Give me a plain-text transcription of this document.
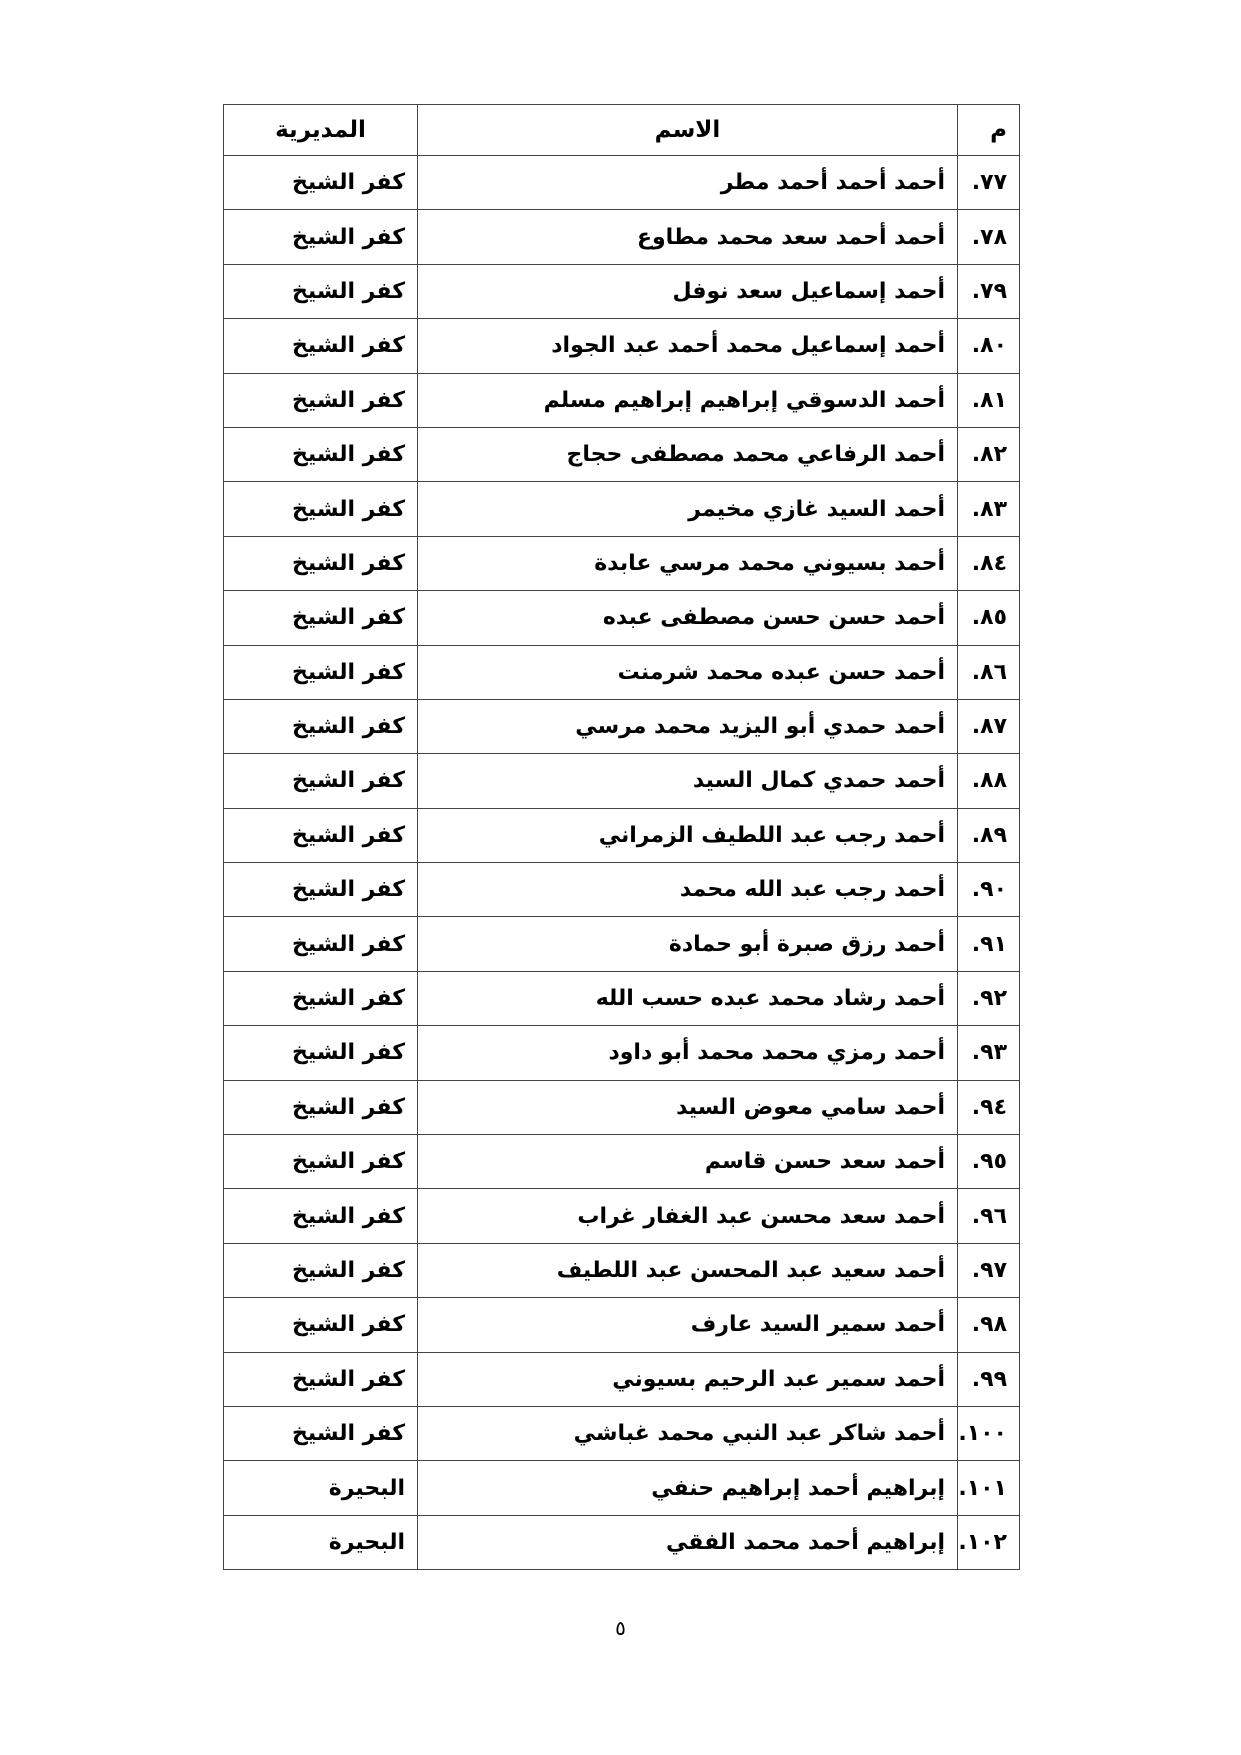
م	الاسم	المديرية
٧٧.	أحمد أحمد أحمد مطر	كفر الشيخ
٧٨.	أحمد أحمد سعد محمد مطاوع	كفر الشيخ
٧٩.	أحمد إسماعيل سعد نوفل	كفر الشيخ
٨٠.	أحمد إسماعيل محمد أحمد عبد الجواد	كفر الشيخ
٨١.	أحمد الدسوقي إبراهيم إبراهيم مسلم	كفر الشيخ
٨٢.	أحمد الرفاعي محمد مصطفى حجاج	كفر الشيخ
٨٣.	أحمد السيد غازي مخيمر	كفر الشيخ
٨٤.	أحمد بسيوني محمد مرسي عابدة	كفر الشيخ
٨٥.	أحمد حسن حسن مصطفى عبده	كفر الشيخ
٨٦.	أحمد حسن عبده محمد شرمنت	كفر الشيخ
٨٧.	أحمد حمدي أبو اليزيد محمد مرسي	كفر الشيخ
٨٨.	أحمد حمدي كمال السيد	كفر الشيخ
٨٩.	أحمد رجب عبد اللطيف الزمراني	كفر الشيخ
٩٠.	أحمد رجب عبد الله محمد	كفر الشيخ
٩١.	أحمد رزق صبرة أبو حمادة	كفر الشيخ
٩٢.	أحمد رشاد محمد عبده حسب الله	كفر الشيخ
٩٣.	أحمد رمزي محمد محمد أبو داود	كفر الشيخ
٩٤.	أحمد سامي معوض السيد	كفر الشيخ
٩٥.	أحمد سعد حسن قاسم	كفر الشيخ
٩٦.	أحمد سعد محسن عبد الغفار غراب	كفر الشيخ
٩٧.	أحمد سعيد عبد المحسن عبد اللطيف	كفر الشيخ
٩٨.	أحمد سمير السيد عارف	كفر الشيخ
٩٩.	أحمد سمير عبد الرحيم بسيوني	كفر الشيخ
١٠٠.	أحمد شاكر عبد النبي محمد غباشي	كفر الشيخ
١٠١.	إبراهيم أحمد إبراهيم حنفي	البحيرة
١٠٢.	إبراهيم أحمد محمد الفقي	البحيرة
٥
